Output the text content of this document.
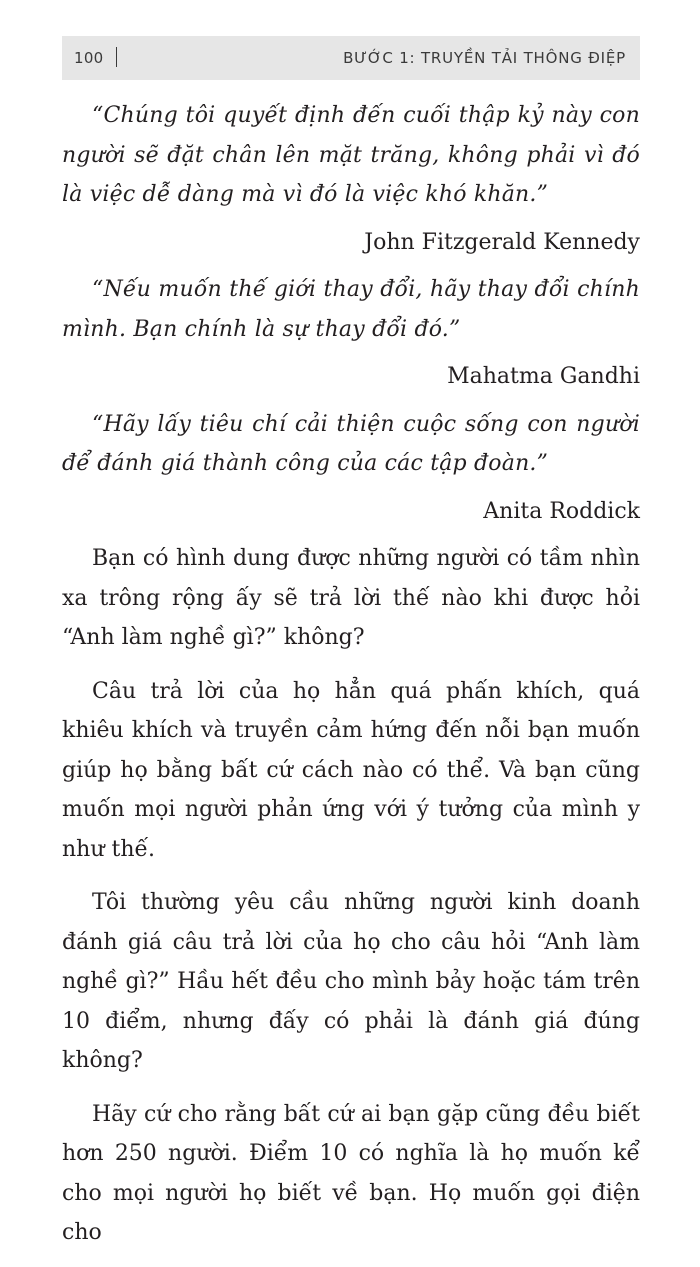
100	BƯỚC 1: TRUYỀN TẢI THÔNG ĐIỆP

“Chúng tôi quyết định đến cuối thập kỷ này con người sẽ đặt chân lên mặt trăng, không phải vì đó là việc dễ dàng mà vì đó là việc khó khăn.”

John Fitzgerald Kennedy

“Nếu muốn thế giới thay đổi, hãy thay đổi chính mình. Bạn chính là sự thay đổi đó.”

Mahatma Gandhi

“Hãy lấy tiêu chí cải thiện cuộc sống con người để đánh giá thành công của các tập đoàn.”

Anita Roddick

Bạn có hình dung được những người có tầm nhìn xa trông rộng ấy sẽ trả lời thế nào khi được hỏi “Anh làm nghề gì?” không?

Câu trả lời của họ hẳn quá phấn khích, quá khiêu khích và truyền cảm hứng đến nỗi bạn muốn giúp họ bằng bất cứ cách nào có thể. Và bạn cũng muốn mọi người phản ứng với ý tưởng của mình y như thế.

Tôi thường yêu cầu những người kinh doanh đánh giá câu trả lời của họ cho câu hỏi “Anh làm nghề gì?” Hầu hết đều cho mình bảy hoặc tám trên 10 điểm, nhưng đấy có phải là đánh giá đúng không?

Hãy cứ cho rằng bất cứ ai bạn gặp cũng đều biết hơn 250 người. Điểm 10 có nghĩa là họ muốn kể cho mọi người họ biết về bạn. Họ muốn gọi điện cho
